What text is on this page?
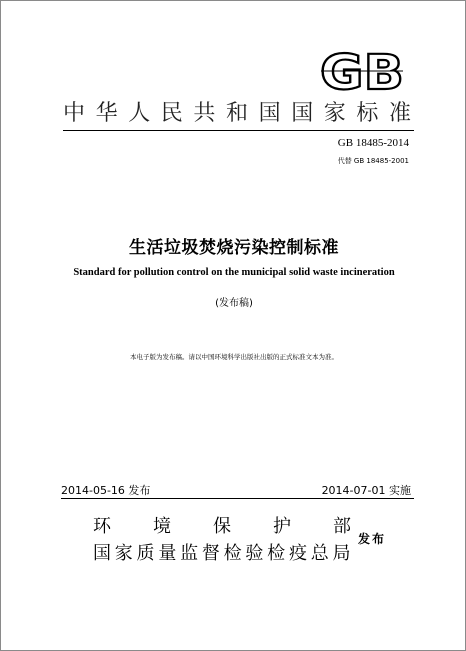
GB
中华人民共和国国家标准
GB 18485-2014
代替 GB 18485-2001
生活垃圾焚烧污染控制标准
Standard for pollution control on the municipal solid waste incineration
(发布稿)
本电子版为发布稿。请以中国环境科学出版社出版的正式标准文本为准。
2014-05-16 发布	2014-07-01 实施
环境保护部
国家质量监督检验检疫总局
发布
